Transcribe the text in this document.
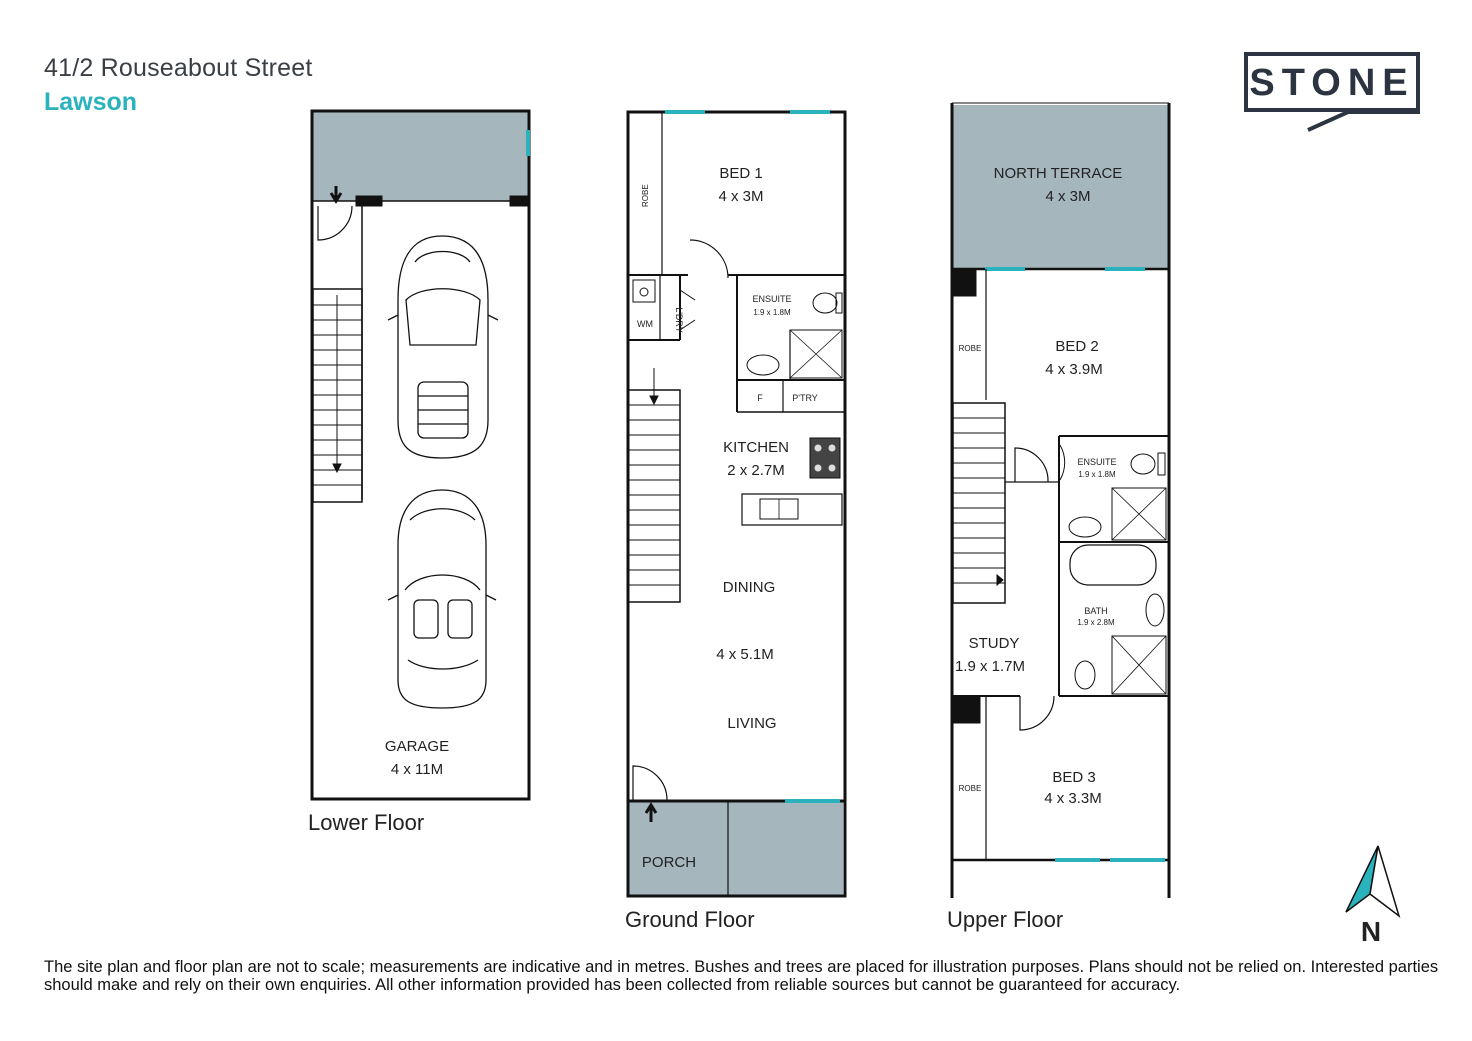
41/2 Rouseabout Street
Lawson	STONE
GARAGE
4 x 11M
Lower Floor
ROBE
BED 1
4 x 3M
ENSUITE
1.9 x 1.8M
L'DRY
WM
F	P'TRY
KITCHEN
2 x 2.7M
DINING
4 x 5.1M
LIVING
PORCH
Ground Floor
NORTH TERRACE
4 x 3M
ROBE	BED 2
4 x 3.9M
ENSUITE
1.9 x 1.8M
BATH
1.9 x 2.8M
STUDY
1.9 x 1.7M
ROBE
BED 3
4 x 3.3M
Upper Floor	N
The site plan and floor plan are not to scale; measurements are indicative and in metres. Bushes and trees are placed for illustration purposes. Plans should not be relied on. Interested parties should make and rely on their own enquiries. All other information provided has been collected from reliable sources but cannot be guaranteed for accuracy.
